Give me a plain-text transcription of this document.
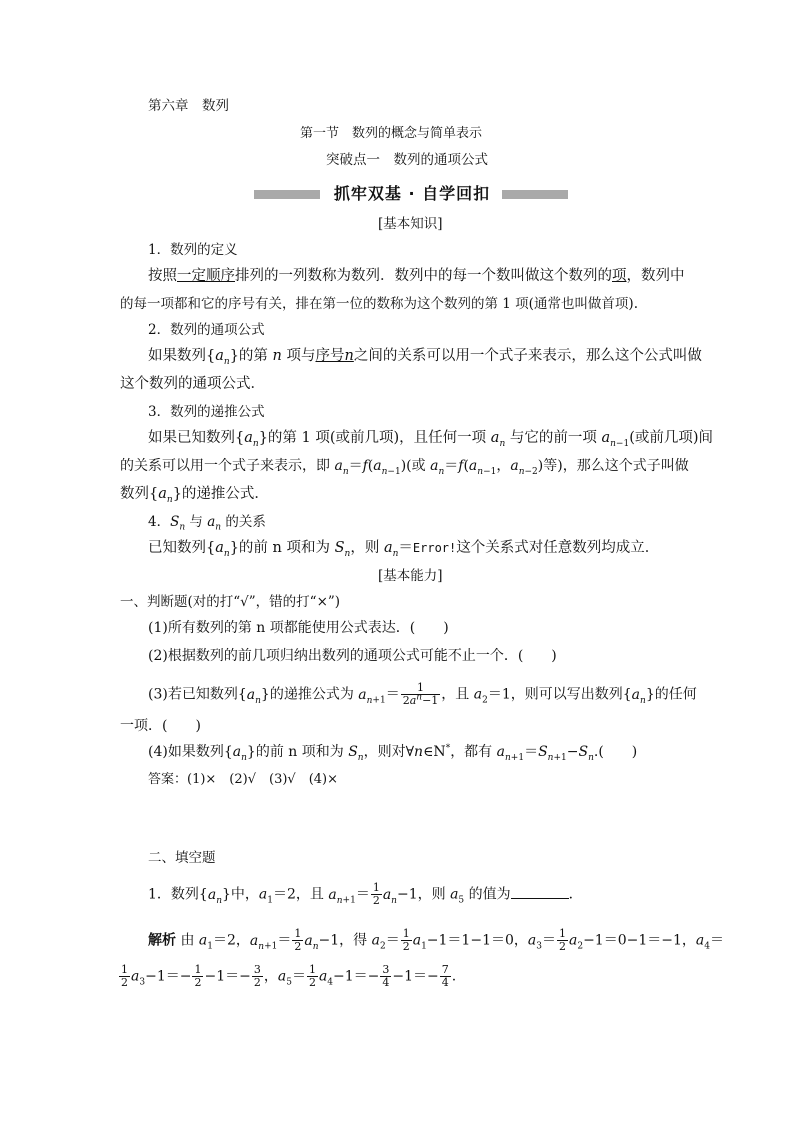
第六章　数列
第一节　数列的概念与简单表示
突破点一　数列的通项公式
抓牢双基 · 自学回扣
[基本知识]
1．数列的定义
按照一定顺序排列的一列数称为数列．数列中的每一个数叫做这个数列的项，数列中
的每一项都和它的序号有关，排在第一位的数称为这个数列的第 1 项(通常也叫做首项).
2．数列的通项公式
如果数列$\{a_n\}$的第 n 项与序号n之间的关系可以用一个式子来表示，那么这个公式叫做
这个数列的通项公式．
3．数列的递推公式
如果已知数列$\{a_n\}$的第 1 项(或前几项)，且任何一项 $a_n$ 与它的前一项 $a_{n-1}$(或前几项)间
的关系可以用一个式子来表示，即 $a_n=f(a_{n-1})$(或 $a_n=f(a_{n-1}$，$a_{n-2}$)等)，那么这个式子叫做
数列$\{a_n\}$的递推公式．
4．$S_n$ 与 $a_n$ 的关系
已知数列$\{a_n\}$的前 n 项和为 $S_n$，则 $a_n=Error$!这个关系式对任意数列均成立．
[基本能力]
一、判断题(对的打“√”，错的打“×”)
(1)所有数列的第 n 项都能使用公式表达．(　　)
(2)根据数列的前几项归纳出数列的通项公式可能不止一个．(　　)
(3)若已知数列$\{a_n\}$的递推公式为 $a_{n+1}= \frac{1}{2a^n-1}$ ，且 $a_2=1$，则可以写出数列$\{a_n\}$的任何
一项．(　　)
(4)如果数列$\{a_n\}$的前 n 项和为 $S_n$，则对∀n∈N*，都有 $a_{n+1}=S_{n+1}-S_n$.(　　)
答案：(1)×　(2)√　(3)√　(4)×
二、填空题
1．数列$\{a_n\}$中，$a_1=2$，且 $a_{n+1}= \frac{1}{2} a_n-1$，则 $a_5$ 的值为	．
解析 由 $a_1=2$，$a_{n+1}= \frac{1}{2} a_n-1$，得 $a_2= \frac{1}{2} a_1-1=1-1=0$，$a_3= \frac{1}{2} a_2-1=0-1=-1$，$a_4=$
$\frac{1}{2} a_3-1=- \frac{1}{2} -1=- \frac{3}{2}$ ，$a_5= \frac{1}{2} a_4-1=- \frac{3}{4} -1=- \frac{7}{4}$ .
